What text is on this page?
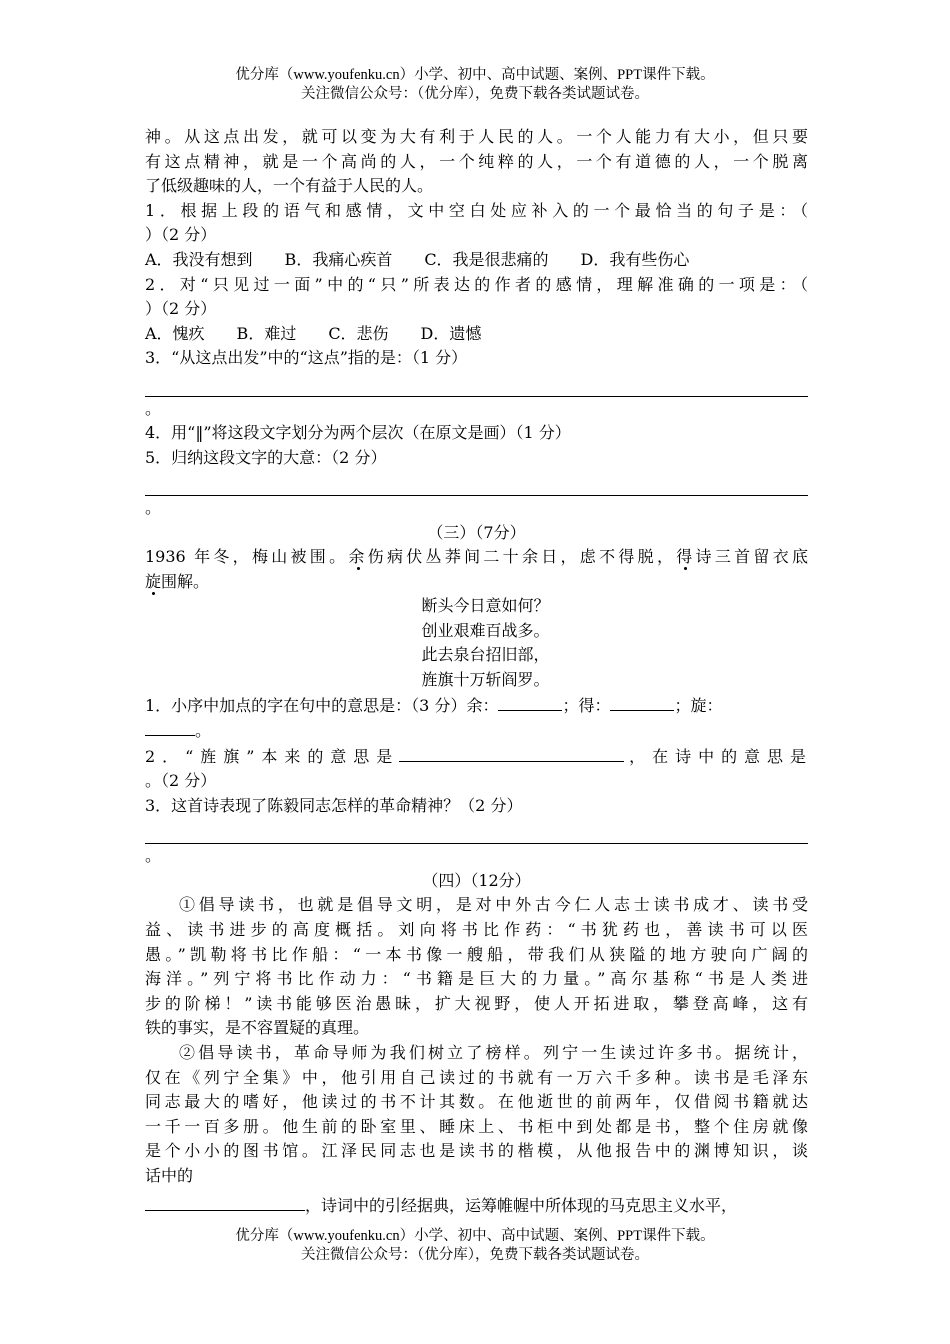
优分库（www.youfenku.cn）小学、初中、高中试题、案例、PPT课件下载。
关注微信公众号：（优分库），免费下载各类试题试卷。
神。从这点出发，就可以变为大有利于人民的人。一个人能力有大小，但只要
有这点精神，就是一个高尚的人，一个纯粹的人，一个有道德的人，一个脱离
了低级趣味的人，一个有益于人民的人。
1．根据上段的语气和感情，文中空白处应补入的一个最恰当的句子是：（
）（2 分）
A．我没有想到　　B．我痛心疾首　　C．我是很悲痛的　　D．我有些伤心
2．对“只见过一面”中的“只”所表达的作者的感情，理解准确的一项是：（
）（2 分）
A．愧疚　　B．难过　　C．悲伤　　D．遗憾
3．“从这点出发”中的“这点”指的是：（1 分）
。
4．用“‖”将这段文字划分为两个层次（在原文是画）（1 分）
5．归纳这段文字的大意：（2 分）
。
（三）（7分）
1936 年冬，梅山被围。余伤病伏丛莽间二十余日，虑不得脱，得诗三首留衣底
旋围解。
断头今日意如何？
创业艰难百战多。
此去泉台招旧部，
旌旗十万斩阎罗。
1．小序中加点的字在句中的意思是：（3 分）余：	；得：	；旋：
。
2．“旌旗”本来的意思是	，在诗中的意思是
。（2 分）
3．这首诗表现了陈毅同志怎样的革命精神？（2 分）
。
（四）（12分）
①倡导读书，也就是倡导文明，是对中外古今仁人志士读书成才、读书受
益、读书进步的高度概括。刘向将书比作药：“书犹药也，善读书可以医
愚。”凯勒将书比作船：“一本书像一艘船，带我们从狭隘的地方驶向广阔的
海洋。”列宁将书比作动力：“书籍是巨大的力量。”高尔基称“书是人类进
步的阶梯！”读书能够医治愚昧，扩大视野，使人开拓进取，攀登高峰，这有
铁的事实，是不容置疑的真理。
②倡导读书，革命导师为我们树立了榜样。列宁一生读过许多书。据统计，
仅在《列宁全集》中，他引用自己读过的书就有一万六千多种。读书是毛泽东
同志最大的嗜好，他读过的书不计其数。在他逝世的前两年，仅借阅书籍就达
一千一百多册。他生前的卧室里、睡床上、书柜中到处都是书，整个住房就像
是个小小的图书馆。江泽民同志也是读书的楷模，从他报告中的渊博知识，谈
话中的
，诗词中的引经据典，运筹帷幄中所体现的马克思主义水平，
优分库（www.youfenku.cn）小学、初中、高中试题、案例、PPT课件下载。
关注微信公众号：（优分库），免费下载各类试题试卷。
